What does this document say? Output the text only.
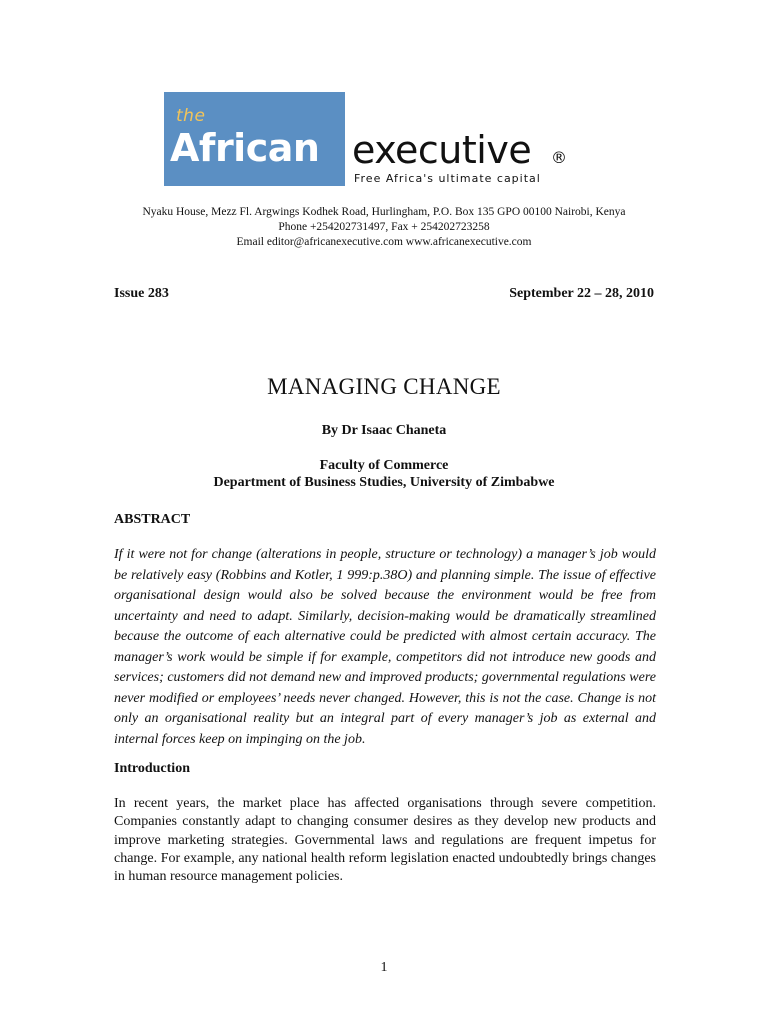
the
African executive ®
Free Africa's ultimate capital
Nyaku House, Mezz Fl. Argwings Kodhek Road, Hurlingham, P.O. Box 135 GPO 00100 Nairobi, Kenya
Phone +254202731497, Fax + 254202723258
Email editor@africanexecutive.com www.africanexecutive.com
Issue 283	September 22 – 28, 2010
MANAGING CHANGE
By Dr Isaac Chaneta
Faculty of Commerce
Department of Business Studies, University of Zimbabwe
ABSTRACT
If it were not for change (alterations in people, structure or technology) a manager’s job would be relatively easy (Robbins and Kotler, 1 999:p.38O) and planning simple. The issue of effective organisational design would also be solved because the environment would be free from uncertainty and need to adapt. Similarly, decision-making would be dramatically streamlined because the outcome of each alternative could be predicted with almost certain accuracy. The manager’s work would be simple if for example, competitors did not introduce new goods and services; customers did not demand new and improved products; governmental regulations were never modified or employees’ needs never changed. However, this is not the case. Change is not only an organisational reality but an integral part of every manager’s job as external and internal forces keep on impinging on the job.
Introduction
In recent years, the market place has affected organisations through severe competition. Companies constantly adapt to changing consumer desires as they develop new products and improve marketing strategies. Governmental laws and regulations are frequent impetus for change. For example, any national health reform legislation enacted undoubtedly brings changes in human resource management policies.
1
